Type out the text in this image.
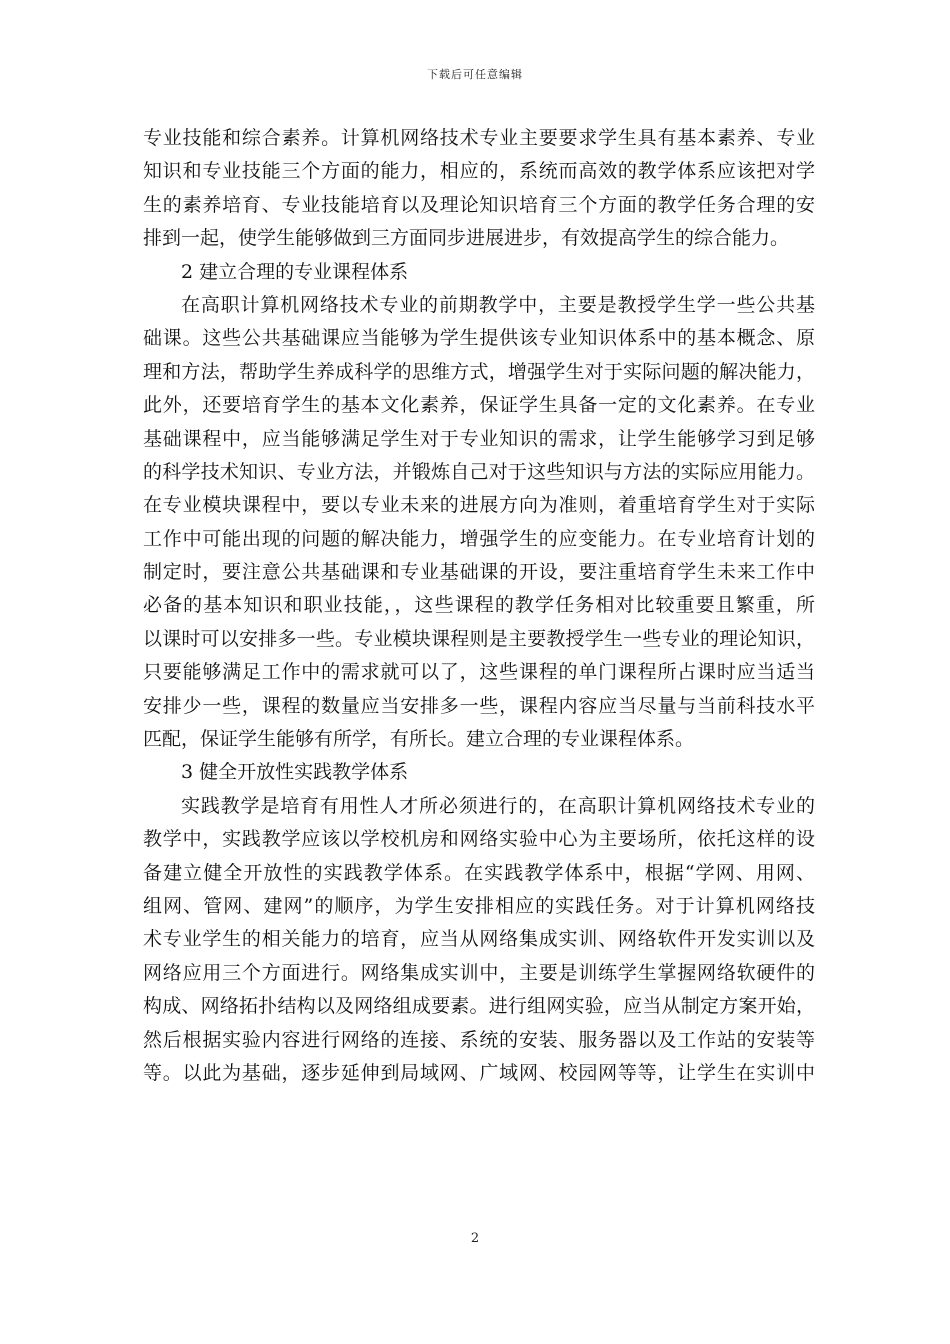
下载后可任意编辑
专业技能和综合素养。计算机网络技术专业主要要求学生具有基本素养、专业
知识和专业技能三个方面的能力，相应的，系统而高效的教学体系应该把对学
生的素养培育、专业技能培育以及理论知识培育三个方面的教学任务合理的安
排到一起，使学生能够做到三方面同步进展进步，有效提高学生的综合能力。
2 建立合理的专业课程体系
在高职计算机网络技术专业的前期教学中，主要是教授学生学一些公共基
础课。这些公共基础课应当能够为学生提供该专业知识体系中的基本概念、原
理和方法，帮助学生养成科学的思维方式，增强学生对于实际问题的解决能力，
此外，还要培育学生的基本文化素养，保证学生具备一定的文化素养。在专业
基础课程中，应当能够满足学生对于专业知识的需求，让学生能够学习到足够
的科学技术知识、专业方法，并锻炼自己对于这些知识与方法的实际应用能力。
在专业模块课程中，要以专业未来的进展方向为准则，着重培育学生对于实际
工作中可能出现的问题的解决能力，增强学生的应变能力。在专业培育计划的
制定时，要注意公共基础课和专业基础课的开设，要注重培育学生未来工作中
必备的基本知识和职业技能，，这些课程的教学任务相对比较重要且繁重，所
以课时可以安排多一些。专业模块课程则是主要教授学生一些专业的理论知识，
只要能够满足工作中的需求就可以了，这些课程的单门课程所占课时应当适当
安排少一些，课程的数量应当安排多一些，课程内容应当尽量与当前科技水平
匹配，保证学生能够有所学，有所长。建立合理的专业课程体系。
3 健全开放性实践教学体系
实践教学是培育有用性人才所必须进行的，在高职计算机网络技术专业的
教学中，实践教学应该以学校机房和网络实验中心为主要场所，依托这样的设
备建立健全开放性的实践教学体系。在实践教学体系中，根据“学网、用网、
组网、管网、建网”的顺序，为学生安排相应的实践任务。对于计算机网络技
术专业学生的相关能力的培育，应当从网络集成实训、网络软件开发实训以及
网络应用三个方面进行。网络集成实训中，主要是训练学生掌握网络软硬件的
构成、网络拓扑结构以及网络组成要素。进行组网实验，应当从制定方案开始，
然后根据实验内容进行网络的连接、系统的安装、服务器以及工作站的安装等
等。以此为基础，逐步延伸到局域网、广域网、校园网等等，让学生在实训中
2
